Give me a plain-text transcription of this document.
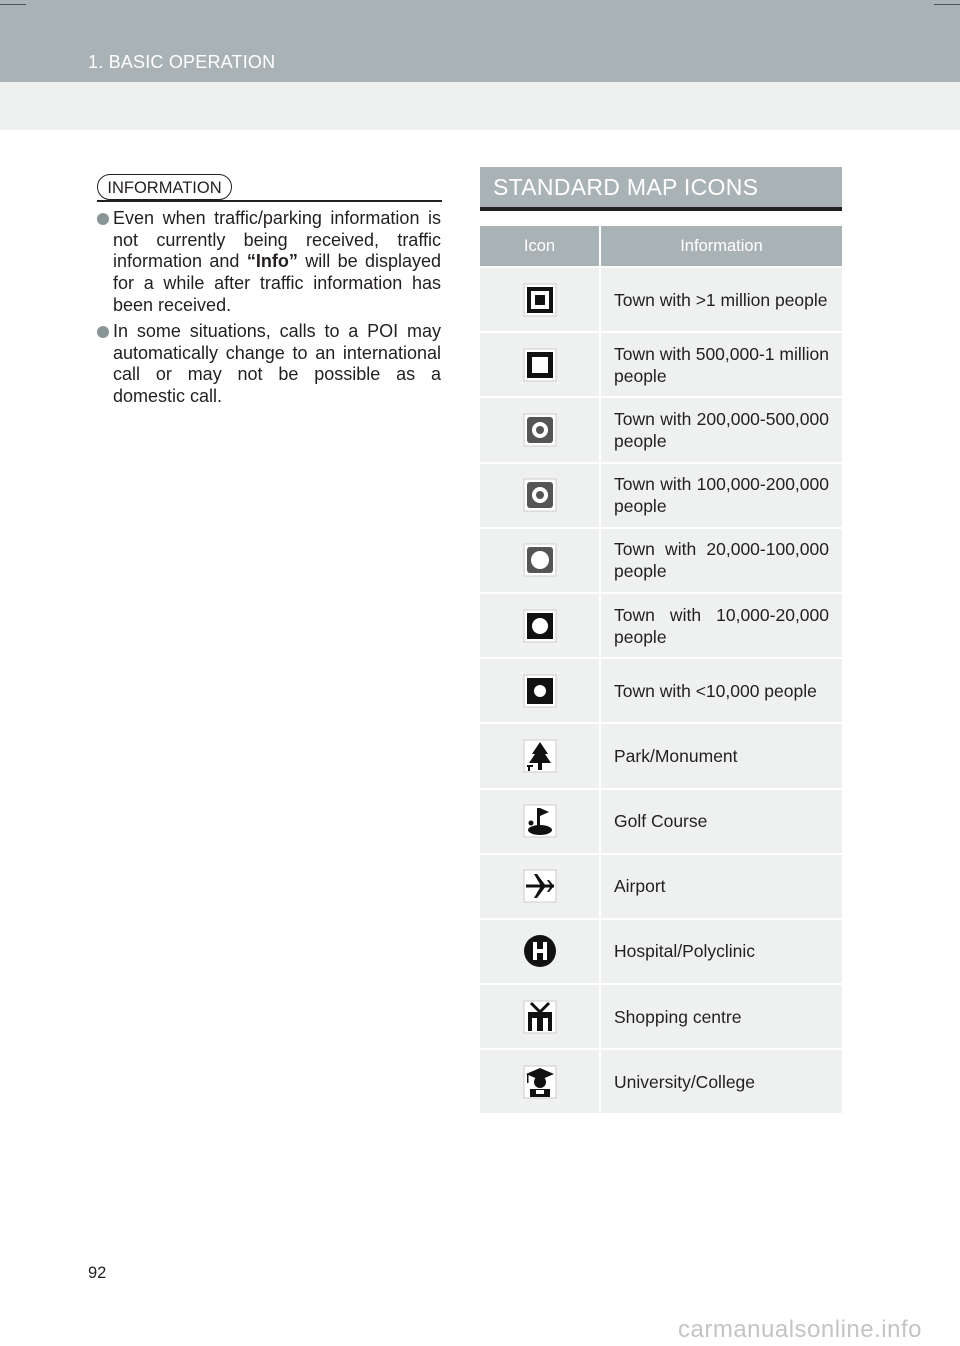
1. BASIC OPERATION
INFORMATION
Even when traffic/parking information is not currently being received, traffic information and “Info” will be displayed for a while after traffic information has been received.
In some situations, calls to a POI may automatically change to an international call or may not be possible as a domestic call.
STANDARD MAP ICONS
Icon	Information
Town with >1 million people
Town with 500,000-1 million people
Town with 200,000-500,000 people
Town with 100,000-200,000 people
Town with 20,000-100,000 people
Town with 10,000-20,000 people
Town with <10,000 people
Park/Monument
Golf Course
Airport
Hospital/Polyclinic
Shopping centre
University/College
92
carmanualsonline.info
